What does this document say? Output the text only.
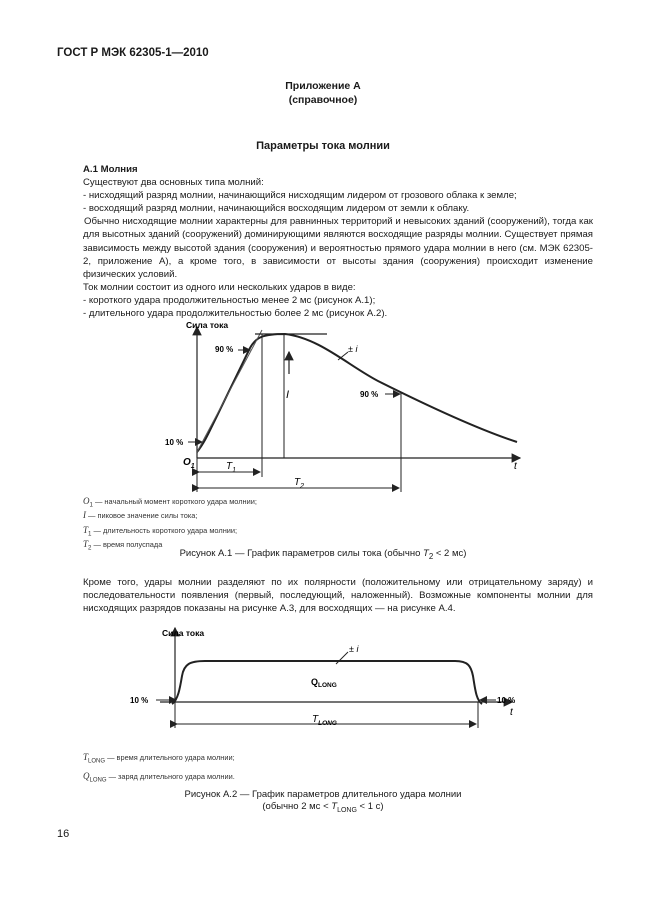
ГОСТ Р МЭК 62305-1—2010
Приложение А
(справочное)
Параметры тока молнии

А.1 Молния

Существуют два основных типа молний:

- нисходящий разряд молнии, начинающийся нисходящим лидером от грозового облака к земле;

- восходящий разряд молнии, начинающийся восходящим лидером от земли к облаку.

Обычно нисходящие молнии характерны для равнинных территорий и невысоких зданий (сооружений), тогда как для высотных зданий (сооружений) доминирующими являются восходящие разряды молнии. Существует прямая зависимость между высотой здания (сооружения) и вероятностью прямого удара молнии в него (см. МЭК 62305-2, приложение А), а кроме того, в зависимости от высоты здания (сооружения) происходит изменение физических условий.

Ток молнии состоит из одного или нескольких ударов в виде:

- короткого удара продолжительностью менее 2 мс (рисунок А.1);

- длительного удара продолжительностью более 2 мс (рисунок А.2).

Сила тока
t
I
90 %
90 %
10 %
± i
$O_1$	$T_1$
$T_2$
$O_1$ — начальный момент короткого удара молнии;
I — пиковое значение силы тока;
$T_1$ — длительность короткого удара молнии;
$T_2$ — время полуспада
Рисунок А.1 — График параметров силы тока (обычно $T_2 < 2$ мс)

Кроме того, удары молнии разделяют по их полярности (положительному или отрицательному заряду) и последовательности появления (первый, последующий, наложенный). Возможные компоненты молнии для нисходящих разрядов показаны на рисунке А.3, для восходящих — на рисунке А.4.

Сила тока
t
± i
$Q_{LONG}$
10 %	10 %
$T_{LONG}$
$T_{LONG}$ — время длительного удара молнии;
$Q_{LONG}$ — заряд длительного удара молнии.
Рисунок А.2 — График параметров длительного удара молнии
(обычно 2 мс < $T_{LONG} < 1$ с)
16
